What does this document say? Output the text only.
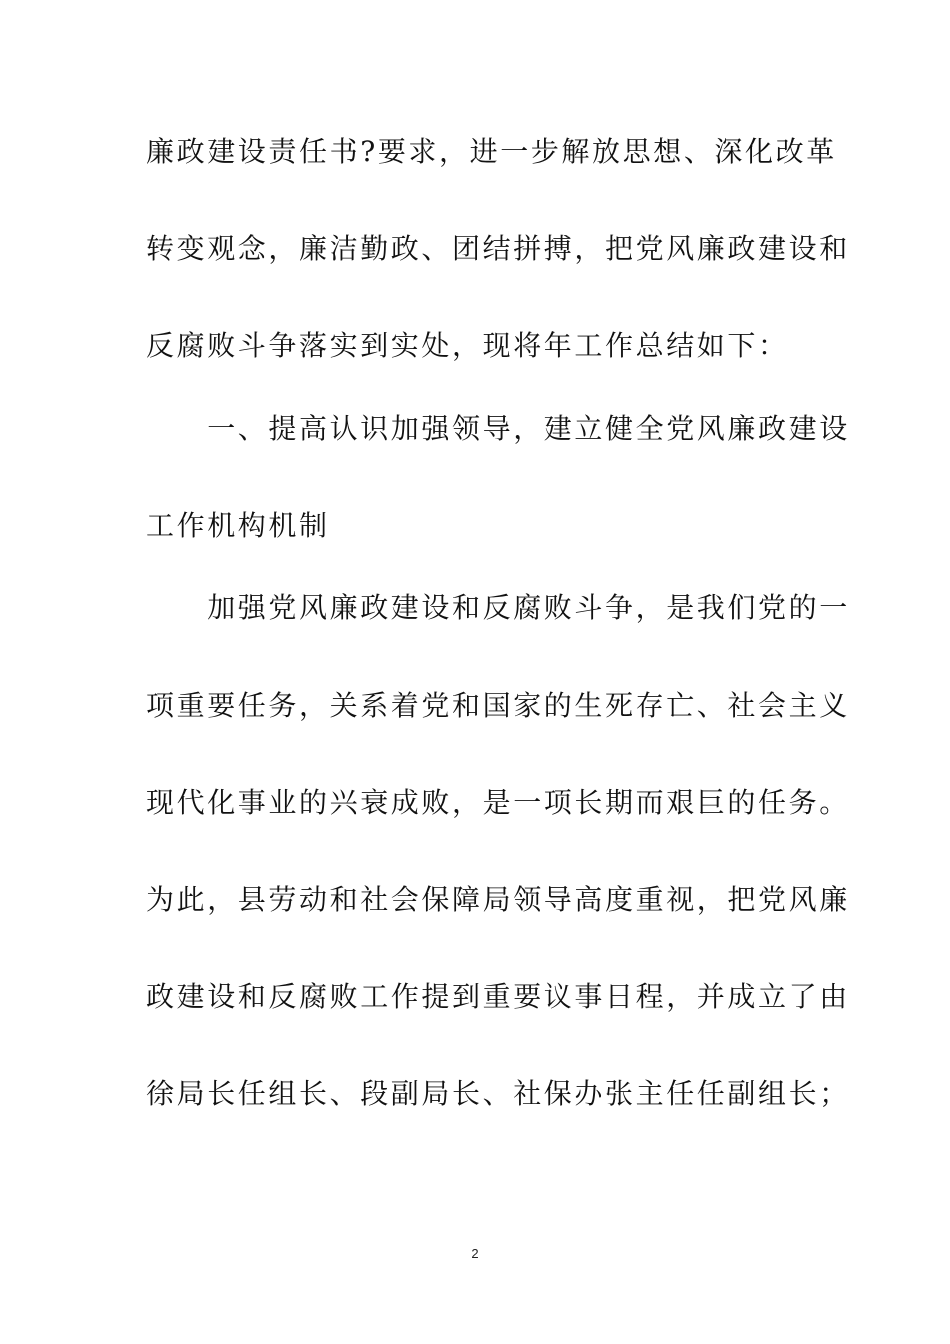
廉政建设责任书?要求，进一步解放思想、深化改革
转变观念，廉洁勤政、团结拼搏，把党风廉政建设和
反腐败斗争落实到实处，现将年工作总结如下：
　　一、提高认识加强领导，建立健全党风廉政建设
工作机构机制
　　加强党风廉政建设和反腐败斗争，是我们党的一
项重要任务，关系着党和国家的生死存亡、社会主义
现代化事业的兴衰成败，是一项长期而艰巨的任务。
为此，县劳动和社会保障局领导高度重视，把党风廉
政建设和反腐败工作提到重要议事日程，并成立了由
徐局长任组长、段副局长、社保办张主任任副组长；
2
